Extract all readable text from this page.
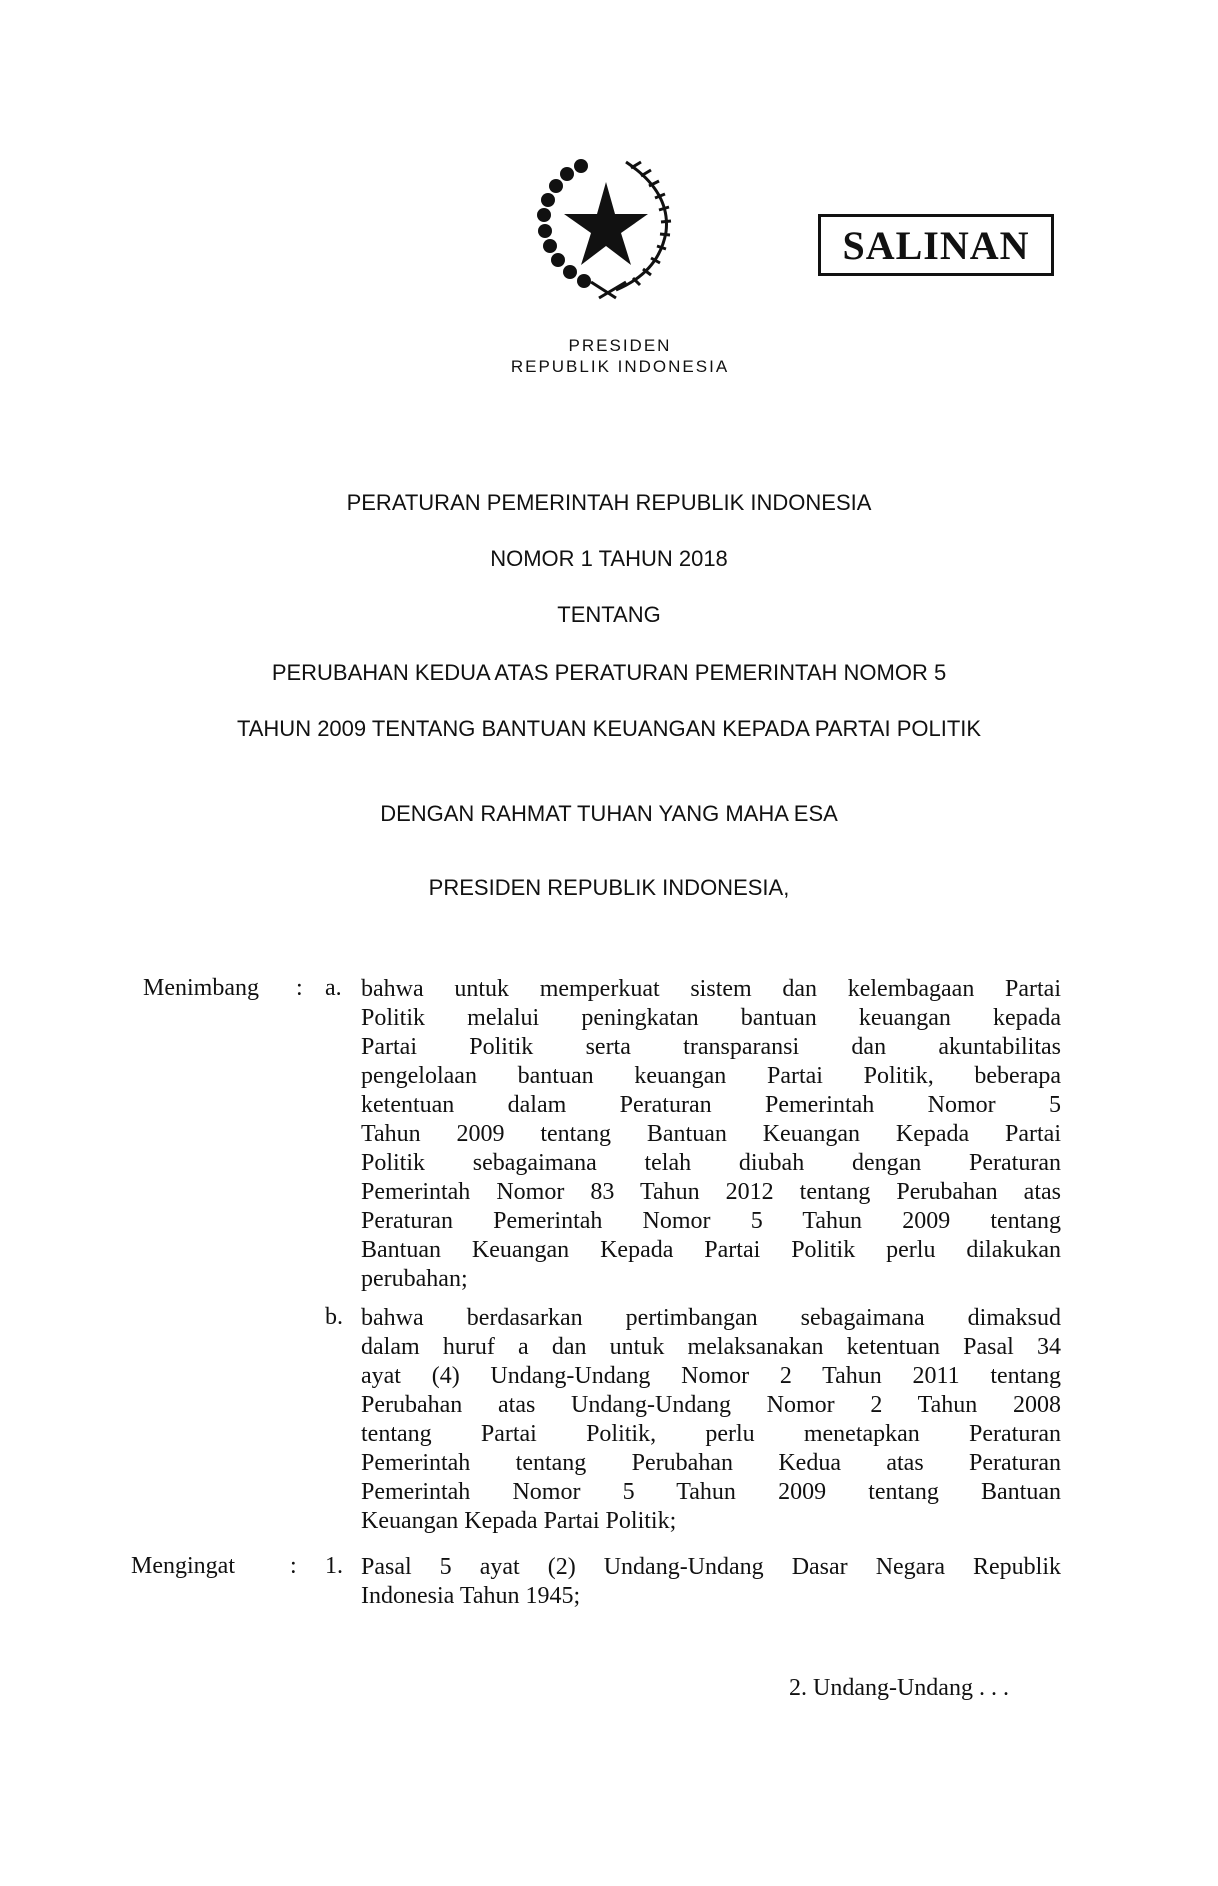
SALINAN
PRESIDEN
REPUBLIK INDONESIA
PERATURAN PEMERINTAH REPUBLIK INDONESIA
NOMOR 1 TAHUN 2018
TENTANG
PERUBAHAN KEDUA ATAS PERATURAN PEMERINTAH NOMOR 5
TAHUN 2009 TENTANG BANTUAN KEUANGAN KEPADA PARTAI POLITIK
DENGAN RAHMAT TUHAN YANG MAHA ESA
PRESIDEN REPUBLIK INDONESIA,
Menimbang : a. bahwa untuk memperkuat sistem dan kelembagaan Partai
Politik melalui peningkatan bantuan keuangan kepada
Partai Politik serta transparansi dan akuntabilitas
pengelolaan bantuan keuangan Partai Politik, beberapa
ketentuan dalam Peraturan Pemerintah Nomor 5
Tahun 2009 tentang Bantuan Keuangan Kepada Partai
Politik sebagaimana telah diubah dengan Peraturan
Pemerintah Nomor 83 Tahun 2012 tentang Perubahan atas
Peraturan Pemerintah Nomor 5 Tahun 2009 tentang
Bantuan Keuangan Kepada Partai Politik perlu dilakukan
perubahan;
b. bahwa berdasarkan pertimbangan sebagaimana dimaksud
dalam huruf a dan untuk melaksanakan ketentuan Pasal 34
ayat (4) Undang-Undang Nomor 2 Tahun 2011 tentang
Perubahan atas Undang-Undang Nomor 2 Tahun 2008
tentang Partai Politik, perlu menetapkan Peraturan
Pemerintah tentang Perubahan Kedua atas Peraturan
Pemerintah Nomor 5 Tahun 2009 tentang Bantuan
Keuangan Kepada Partai Politik;
Mengingat : 1. Pasal 5 ayat (2) Undang-Undang Dasar Negara Republik
Indonesia Tahun 1945;
2. Undang-Undang . . .
